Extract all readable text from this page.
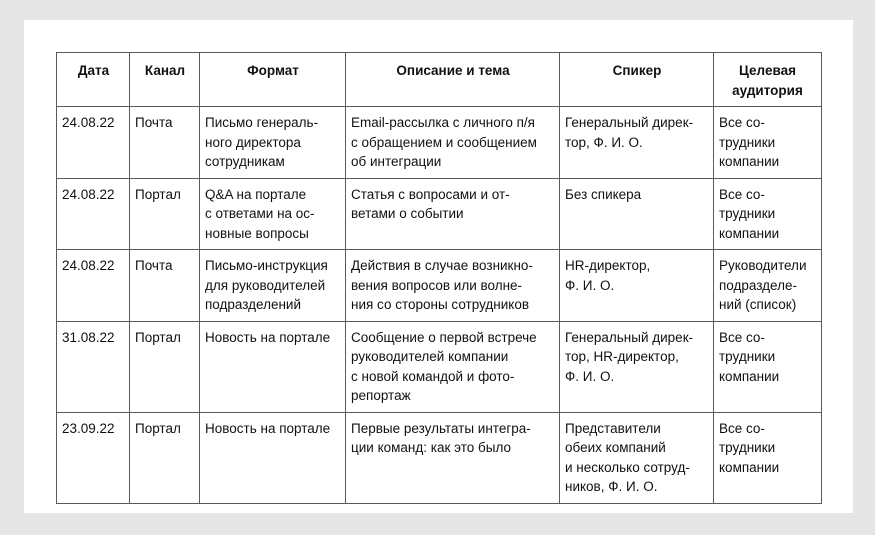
Дата	Канал	Формат	Описание и тема	Спикер	Целевая
аудитория
24.08.22	Почта	Письмо генераль-
ного директора
сотрудникам	Email-рассылка с личного п/я
с обращением и сообщением
об интеграции	Генеральный дирек-
тор, Ф. И. О.	Все со-
трудники
компании
24.08.22	Портал	Q&A на портале
с ответами на ос-
новные вопросы	Статья с вопросами и от-
ветами о событии	Без спикера	Все со-
трудники
компании
24.08.22	Почта	Письмо-инструкция
для руководителей
подразделений	Действия в случае возникно-
вения вопросов или волне-
ния со стороны сотрудников	HR-директор,
Ф. И. О.	Руководители
подразделе-
ний (список)
31.08.22	Портал	Новость на портале	Сообщение о первой встрече
руководителей компании
с новой командой и фото-
репортаж	Генеральный дирек-
тор, HR-директор,
Ф. И. О.	Все со-
трудники
компании
23.09.22	Портал	Новость на портале	Первые результаты интегра-
ции команд: как это было	Представители
обеих компаний
и несколько сотруд-
ников, Ф. И. О.	Все со-
трудники
компании
